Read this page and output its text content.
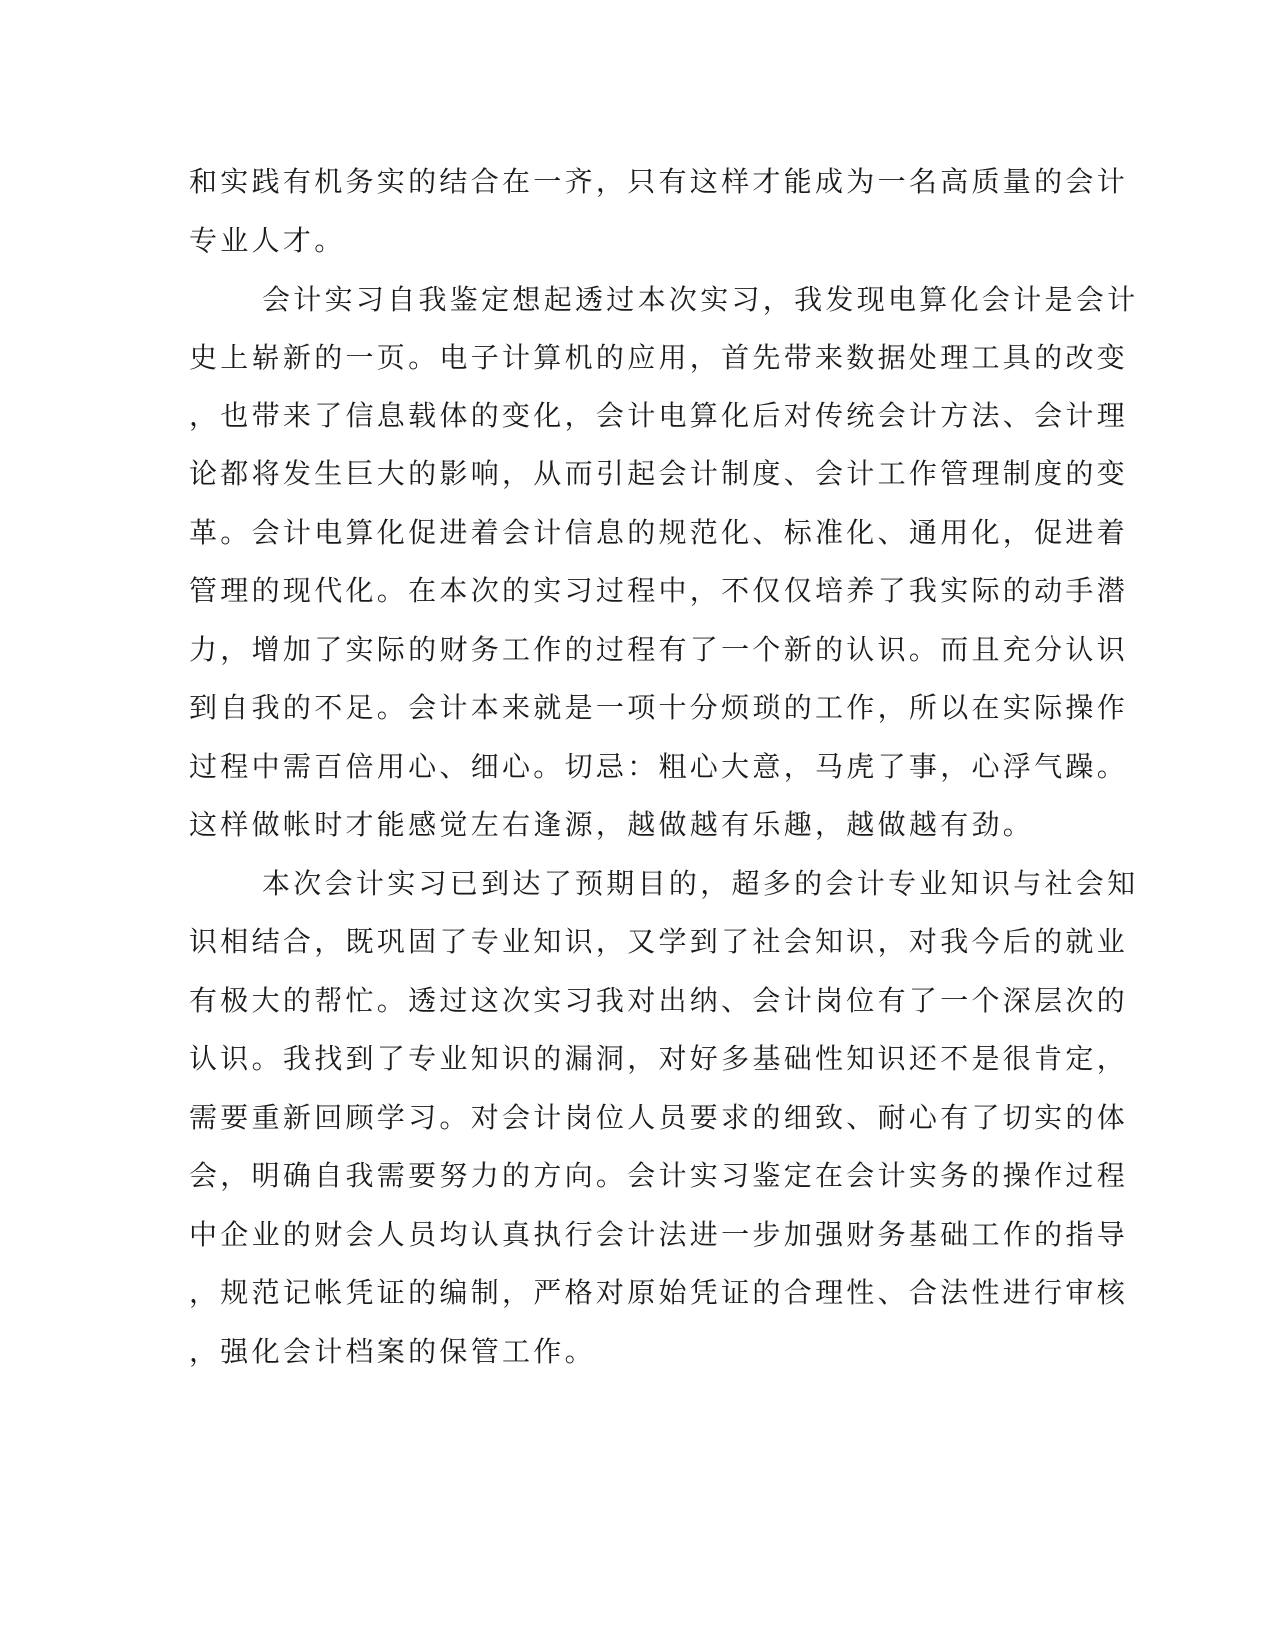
和实践有机务实的结合在一齐，只有这样才能成为一名高质量的会计
专业人才。
会计实习自我鉴定想起透过本次实习，我发现电算化会计是会计
史上崭新的一页。电子计算机的应用，首先带来数据处理工具的改变
，也带来了信息载体的变化，会计电算化后对传统会计方法、会计理
论都将发生巨大的影响，从而引起会计制度、会计工作管理制度的变
革。会计电算化促进着会计信息的规范化、标准化、通用化，促进着
管理的现代化。在本次的实习过程中，不仅仅培养了我实际的动手潜
力，增加了实际的财务工作的过程有了一个新的认识。而且充分认识
到自我的不足。会计本来就是一项十分烦琐的工作，所以在实际操作
过程中需百倍用心、细心。切忌：粗心大意，马虎了事，心浮气躁。
这样做帐时才能感觉左右逢源，越做越有乐趣，越做越有劲。
本次会计实习已到达了预期目的，超多的会计专业知识与社会知
识相结合，既巩固了专业知识，又学到了社会知识，对我今后的就业
有极大的帮忙。透过这次实习我对出纳、会计岗位有了一个深层次的
认识。我找到了专业知识的漏洞，对好多基础性知识还不是很肯定，
需要重新回顾学习。对会计岗位人员要求的细致、耐心有了切实的体
会，明确自我需要努力的方向。会计实习鉴定在会计实务的操作过程
中企业的财会人员均认真执行会计法进一步加强财务基础工作的指导
，规范记帐凭证的编制，严格对原始凭证的合理性、合法性进行审核
，强化会计档案的保管工作。
